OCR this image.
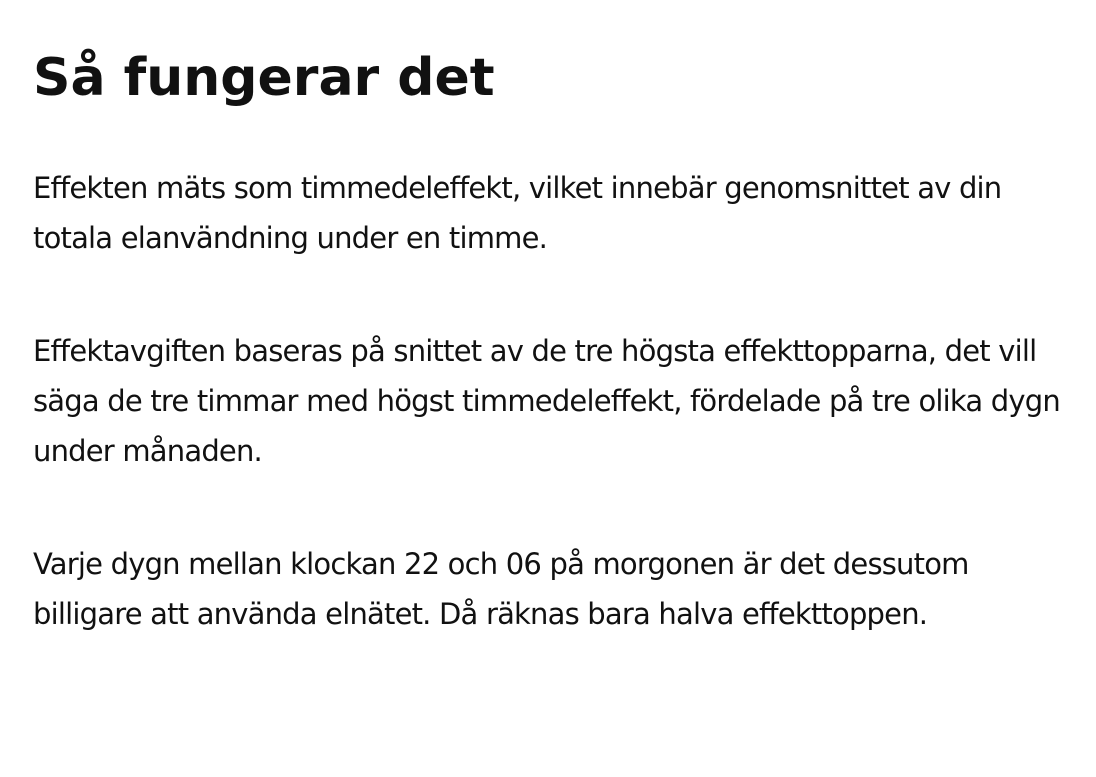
Så fungerar det

Effekten mäts som timmedeleffekt, vilket innebär genomsnittet av din totala elanvändning under en timme.

Effektavgiften baseras på snittet av de tre högsta effekttopparna, det vill säga de tre timmar med högst timmedeleffekt, fördelade på tre olika dygn under månaden.

Varje dygn mellan klockan 22 och 06 på morgonen är det dessutom billigare att använda elnätet. Då räknas bara halva effekttoppen.
